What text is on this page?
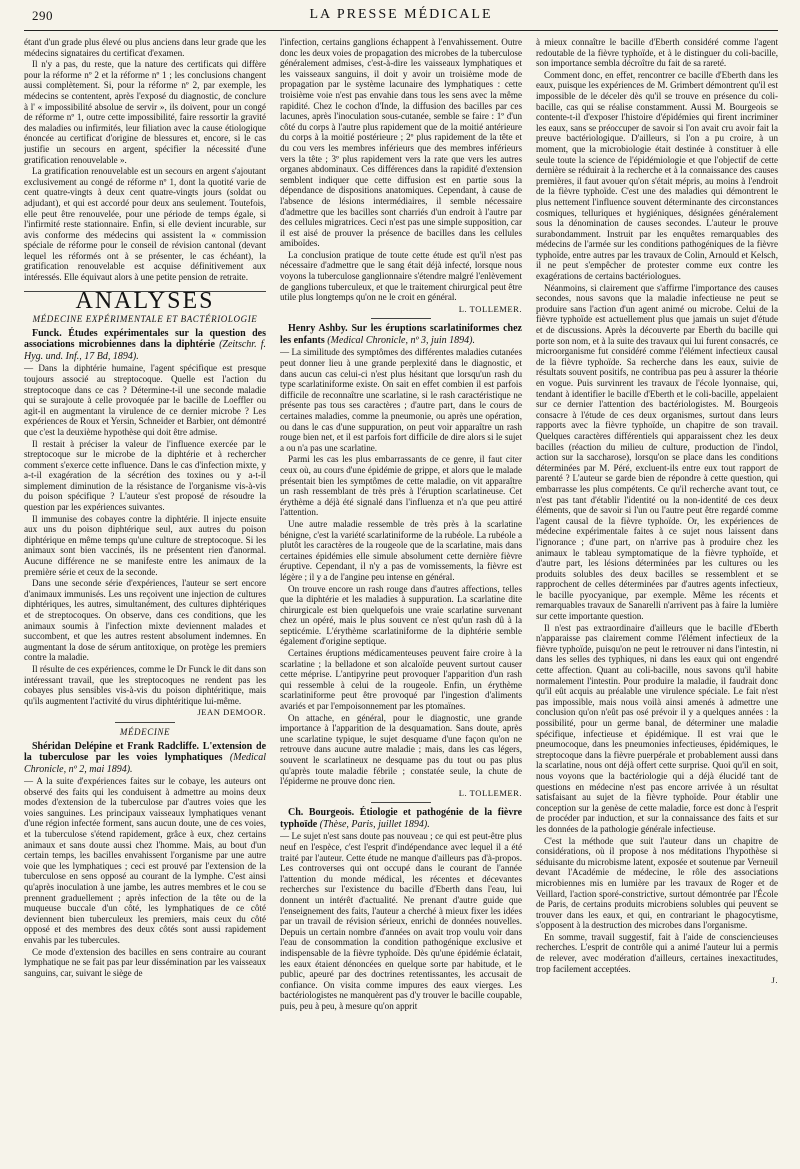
290	LA PRESSE MÉDICALE

étant d'un grade plus élevé ou plus anciens dans leur grade que les médecins signataires du certificat d'examen.

Il n'y a pas, du reste, que la nature des certificats qui diffère pour la réforme nº 2 et la réforme nº 1 ; les conclusions changent aussi complètement. Si, pour la réforme nº 2, par exemple, les médecins se contentent, après l'exposé du diagnostic, de conclure à l' « impossibilité absolue de servir », ils doivent, pour un congé de réforme nº 1, outre cette impossibilité, faire ressortir la gravité des maladies ou infirmités, leur filiation avec la cause étiologique énoncée au certificat d'origine de blessures et, encore, si le cas justifie un secours en argent, spécifier la nécessité d'une gratification renouvelable ».

La gratification renouvelable est un secours en argent s'ajoutant exclusivement au congé de réforme nº 1, dont la quotité varie de cent quatre-vingts à deux cent quatre-vingts jours (soldat ou adjudant), et qui est accordé pour deux ans seulement. Toutefois, elle peut être renouvelée, pour une période de temps égale, si l'infirmité reste stationnaire. Enfin, si elle devient incurable, sur avis conforme des médecins qui assistent la « commission spéciale de réforme pour le conseil de révision cantonal (devant lequel les réformés ont à se présenter, le cas échéant), la gratification renouvelable est acquise définitivement aux intéressés. Elle équivaut alors à une petite pension de retraite.

ANALYSES
MÉDECINE EXPÉRIMENTALE ET BACTÉRIOLOGIE

Funck. Études expérimentales sur la question des associations microbiennes dans la diphtérie (Zeitschr. f. Hyg. und. Inf., 17 Bd, 1894).

— Dans la diphtérie humaine, l'agent spécifique est presque toujours associé au streptocoque. Quelle est l'action du streptocoque dans ce cas ? Détermine-t-il une seconde maladie qui se surajoute à celle provoquée par le bacille de Loeffler ou agit-il en augmentant la virulence de ce dernier microbe ? Les expériences de Roux et Yersin, Schneider et Barbier, ont démontré que c'est la deuxième hypothèse qui doit être admise.

Il restait à préciser la valeur de l'influence exercée par le streptocoque sur le microbe de la diphtérie et à rechercher comment s'exerce cette influence. Dans le cas d'infection mixte, y a-t-il exagération de la sécrétion des toxines ou y a-t-il simplement diminution de la résistance de l'organisme vis-à-vis du poison spécifique ? L'auteur s'est proposé de résoudre la question par les expériences suivantes.

Il immunise des cobayes contre la diphtérie. Il injecte ensuite aux uns du poison diphtérique seul, aux autres du poison diphtérique en même temps qu'une culture de streptocoque. Si les animaux sont bien vaccinés, ils ne présentent rien d'anormal. Aucune différence ne se manifeste entre les animaux de la première série et ceux de la seconde.

Dans une seconde série d'expériences, l'auteur se sert encore d'animaux immunisés. Les uns reçoivent une injection de cultures diphtériques, les autres, simultanément, des cultures diphtériques et de streptocoques. On observe, dans ces conditions, que les animaux soumis à l'infection mixte deviennent malades et succombent, et que les autres restent absolument indemnes. En augmentant la dose de sérum antitoxique, on protège les premiers contre la maladie.

Il résulte de ces expériences, comme le Dr Funck le dit dans son intéressant travail, que les streptocoques ne rendent pas les cobayes plus sensibles vis-à-vis du poison diphtéritique, mais qu'ils augmentent l'activité du virus diphtéritique lui-même.

JEAN DEMOOR.
MÉDECINE

Shéridan Delépine et Frank Radcliffe. L'extension de la tuberculose par les voies lymphatiques (Medical Chronicle, nº 2, mai 1894).

— A la suite d'expériences faites sur le cobaye, les auteurs ont observé des faits qui les conduisent à admettre au moins deux modes d'extension de la tuberculose par d'autres voies que les voies sanguines. Les principaux vaisseaux lymphatiques venant d'une région infectée forment, sans aucun doute, une de ces voies, et la tuberculose s'étend rapidement, grâce à eux, chez certains animaux et sans doute aussi chez l'homme. Mais, au bout d'un certain temps, les bacilles envahissent l'organisme par une autre voie que les lymphatiques ; ceci est prouvé par l'extension de la tuberculose en sens opposé au courant de la lymphe. C'est ainsi qu'après inoculation à une jambe, les autres membres et le cou se prennent graduellement ; après infection de la tête ou de la muqueuse buccale d'un côté, les lymphatiques de ce côté deviennent bien tuberculeux les premiers, mais ceux du côté opposé et des membres des deux côtés sont aussi rapidement envahis par les tubercules.

Ce mode d'extension des bacilles en sens contraire au courant lymphatique ne se fait pas par leur dissémination par les vaisseaux sanguins, car, suivant le siège de

l'infection, certains ganglions échappent à l'envahissement. Outre donc les deux voies de propagation des microbes de la tuberculose généralement admises, c'est-à-dire les vaisseaux lymphatiques et les vaisseaux sanguins, il doit y avoir un troisième mode de propagation par le système lacunaire des lymphatiques : cette troisième voie n'est pas envahie dans tous les sens avec la même rapidité. Chez le cochon d'Inde, la diffusion des bacilles par ces lacunes, après l'inoculation sous-cutanée, semble se faire : 1º d'un côté du corps à l'autre plus rapidement que de la moitié antérieure du corps à la moitié postérieure ; 2º plus rapidement de la tête et du cou vers les membres inférieurs que des membres inférieurs vers la tête ; 3º plus rapidement vers la rate que vers les autres organes abdominaux. Ces différences dans la rapidité d'extension semblent indiquer que cette diffusion est en partie sous la dépendance de dispositions anatomiques. Cependant, à cause de l'absence de lésions intermédiaires, il semble nécessaire d'admettre que les bacilles sont charriés d'un endroit à l'autre par des cellules migratrices. Ceci n'est pas une simple supposition, car il est aisé de prouver la présence de bacilles dans les cellules amiboïdes.

La conclusion pratique de toute cette étude est qu'il n'est pas nécessaire d'admettre que le sang était déjà infecté, lorsque nous voyons la tuberculose ganglionnaire s'étendre malgré l'enlèvement de ganglions tuberculeux, et que le traitement chirurgical peut être utile plus longtemps qu'on ne le croit en général.

L. TOLLEMER.

Henry Ashby. Sur les éruptions scarlatiniformes chez les enfants (Medical Chronicle, nº 3, juin 1894).

— La similitude des symptômes des différentes maladies cutanées peut donner lieu à une grande perplexité dans le diagnostic, et dans aucun cas celui-ci n'est plus hésitant que lorsqu'un rash du type scarlatiniforme existe. On sait en effet combien il est parfois difficile de reconnaître une scarlatine, si le rash caractéristique ne présente pas tous ses caractères ; d'autre part, dans le cours de certaines maladies, comme la pneumonie, ou après une opération, ou dans le cas d'une suppuration, on peut voir apparaître un rash rouge bien net, et il est parfois fort difficile de dire alors si le sujet a ou n'a pas une scarlatine.

Parmi les cas les plus embarrassants de ce genre, il faut citer ceux où, au cours d'une épidémie de grippe, et alors que le malade présentait bien les symptômes de cette maladie, on vit apparaître un rash ressemblant de très près à l'éruption scarlatineuse. Cet érythème a déjà été signalé dans l'influenza et n'a que peu attiré l'attention.

Une autre maladie ressemble de très près à la scarlatine bénigne, c'est la variété scarlatiniforme de la rubéole. La rubéole a plutôt les caractères de la rougeole que de la scarlatine, mais dans certaines épidémies elle simule absolument cette dernière fièvre éruptive. Cependant, il n'y a pas de vomissements, la fièvre est légère ; il y a de l'angine peu intense en général.

On trouve encore un rash rouge dans d'autres affections, telles que la diphtérie et les maladies à suppuration. La scarlatine dite chirurgicale est bien quelquefois une vraie scarlatine survenant chez un opéré, mais le plus souvent ce n'est qu'un rash dû à la septicémie. L'érythème scarlatiniforme de la diphtérie semble également d'origine septique.

Certaines éruptions médicamenteuses peuvent faire croire à la scarlatine ; la belladone et son alcaloïde peuvent surtout causer cette méprise. L'antipyrine peut provoquer l'apparition d'un rash qui ressemble à celui de la rougeole. Enfin, un érythème scarlatiniforme peut être provoqué par l'ingestion d'aliments avariés et par l'empoisonnement par les ptomaïnes.

On attache, en général, pour le diagnostic, une grande importance à l'apparition de la desquamation. Sans doute, après une scarlatine typique, le sujet desquame d'une façon qu'on ne retrouve dans aucune autre maladie ; mais, dans les cas légers, souvent le scarlatineux ne desquame pas du tout ou pas plus qu'après toute maladie fébrile ; constatée seule, la chute de l'épiderme ne prouve donc rien.

L. TOLLEMER.

Ch. Bourgeois. Étiologie et pathogénie de la fièvre typhoïde (Thèse, Paris, juillet 1894).

— Le sujet n'est sans doute pas nouveau ; ce qui est peut-être plus neuf en l'espèce, c'est l'esprit d'indépendance avec lequel il a été traité par l'auteur. Cette étude ne manque d'ailleurs pas d'à-propos. Les controverses qui ont occupé dans le courant de l'année l'attention du monde médical, les récentes et décevantes recherches sur l'existence du bacille d'Eberth dans l'eau, lui donnent un intérêt d'actualité. Ne prenant d'autre guide que l'enseignement des faits, l'auteur a cherché à mieux fixer les idées par un travail de révision sérieux, enrichi de données nouvelles. Depuis un certain nombre d'années on avait trop voulu voir dans l'eau de consommation la condition pathogénique exclusive et indispensable de la fièvre typhoïde. Dès qu'une épidémie éclatait, les eaux étaient dénoncées en quelque sorte par habitude, et le public, apeuré par des doctrines retentissantes, les accusait de confiance. On visita comme impures des eaux vierges. Les bactériologistes ne manquèrent pas d'y trouver le bacille coupable, puis, peu à peu, à mesure qu'on apprit

à mieux connaître le bacille d'Eberth considéré comme l'agent redoutable de la fièvre typhoïde, et à le distinguer du coli-bacille, son importance sembla décroître du fait de sa rareté.

Comment donc, en effet, rencontrer ce bacille d'Eberth dans les eaux, puisque les expériences de M. Grimbert démontrent qu'il est impossible de le déceler dès qu'il se trouve en présence du coli-bacille, cas qui se réalise constamment. Aussi M. Bourgeois se contente-t-il d'exposer l'histoire d'épidémies qui firent incriminer les eaux, sans se préoccuper de savoir si l'on avait cru avoir fait la preuve bactériologique. D'ailleurs, si l'on a pu croire, à un moment, que la microbiologie était destinée à constituer à elle seule toute la science de l'épidémiologie et que l'objectif de cette dernière se réduirait à la recherche et à la connaissance des causes premières, il faut avouer qu'on s'était mépris, au moins à l'endroit de la fièvre typhoïde. C'est une des maladies qui démontrent le plus nettement l'influence souvent déterminante des circonstances cosmiques, telluriques et hygiéniques, désignées généralement sous la dénomination de causes secondes. L'auteur le prouve surabondamment. Instruit par les enquêtes remarquables des médecins de l'armée sur les conditions pathogéniques de la fièvre typhoïde, entre autres par les travaux de Colin, Arnould et Kelsch, il ne peut s'empêcher de protester comme eux contre les exagérations de certains bactériologues.

Néanmoins, si clairement que s'affirme l'importance des causes secondes, nous savons que la maladie infectieuse ne peut se produire sans l'action d'un agent animé ou microbe. Celui de la fièvre typhoïde est actuellement plus que jamais un sujet d'étude et de discussions. Après la découverte par Eberth du bacille qui porte son nom, et à la suite des travaux qui lui furent consacrés, ce microorganisme fut considéré comme l'élément infectieux causal de la fièvre typhoïde. Sa recherche dans les eaux, suivie de résultats souvent positifs, ne contribua pas peu à assurer la théorie en vogue. Puis survinrent les travaux de l'école lyonnaise, qui, tendant à identifier le bacille d'Eberth et le coli-bacille, appelaient sur ce dernier l'attention des bactériologistes. M. Bourgeois consacre à l'étude de ces deux organismes, surtout dans leurs rapports avec la fièvre typhoïde, un chapitre de son travail. Quelques caractères différentiels qui apparaissent chez les deux bacilles (réaction du milieu de culture, production de l'indol, action sur la saccharose), lorsqu'on se place dans les conditions déterminées par M. Péré, excluent-ils entre eux tout rapport de parenté ? L'auteur se garde bien de répondre à cette question, qui embarrasse les plus compétents. Ce qu'il recherche avant tout, ce n'est pas tant d'établir l'identité ou la non-identité de ces deux éléments, que de savoir si l'un ou l'autre peut être regardé comme l'agent causal de la fièvre typhoïde. Or, les expériences de médecine expérimentale faites à ce sujet nous laissent dans l'ignorance ; d'une part, on n'arrive pas à produire chez les animaux le tableau symptomatique de la fièvre typhoïde, et d'autre part, les lésions déterminées par les cultures ou les produits solubles des deux bacilles se ressemblent et se rapprochent de celles déterminées par d'autres agents infectieux, le bacille pyocyanique, par exemple. Même les récents et remarquables travaux de Sanarelli n'arrivent pas à faire la lumière sur cette importante question.

Il n'est pas extraordinaire d'ailleurs que le bacille d'Eberth n'apparaisse pas clairement comme l'élément infectieux de la fièvre typhoïde, puisqu'on ne peut le retrouver ni dans l'intestin, ni dans les selles des typhiques, ni dans les eaux qui ont engendré cette affection. Quant au coli-bacille, nous savons qu'il habite normalement l'intestin. Pour produire la maladie, il faudrait donc qu'il eût acquis au préalable une virulence spéciale. Le fait n'est pas impossible, mais nous voilà ainsi amenés à admettre une conclusion qu'on n'eût pas osé prévoir il y a quelques années : la possibilité, pour un germe banal, de déterminer une maladie spécifique, infectieuse et épidémique. Il est vrai que le pneumocoque, dans les pneumonies infectieuses, épidémiques, le streptocoque dans la fièvre puerpérale et probablement aussi dans la scarlatine, nous ont déjà offert cette surprise. Quoi qu'il en soit, nous voyons que la bactériologie qui a déjà élucidé tant de questions en médecine n'est pas encore arrivée à un résultat satisfaisant au sujet de la fièvre typhoïde. Pour établir une conception sur la genèse de cette maladie, force est donc à l'esprit de procéder par induction, et sur la connaissance des faits et sur les données de la pathologie générale infectieuse.

C'est la méthode que suit l'auteur dans un chapitre de considérations, où il propose à nos méditations l'hypothèse si séduisante du microbisme latent, exposée et soutenue par Verneuil devant l'Académie de médecine, le rôle des associations microbiennes mis en lumière par les travaux de Roger et de Veillard, l'action sporé-constrictive, surtout démontrée par l'École de Paris, de certains produits microbiens solubles qui peuvent se trouver dans les eaux, et qui, en contrariant le phagocytisme, s'opposent à la destruction des microbes dans l'organisme.

En somme, travail suggestif, fait à l'aide de consciencieuses recherches. L'esprit de contrôle qui a animé l'auteur lui a permis de relever, avec modération d'ailleurs, certaines inexactitudes, trop facilement acceptées.

J.
